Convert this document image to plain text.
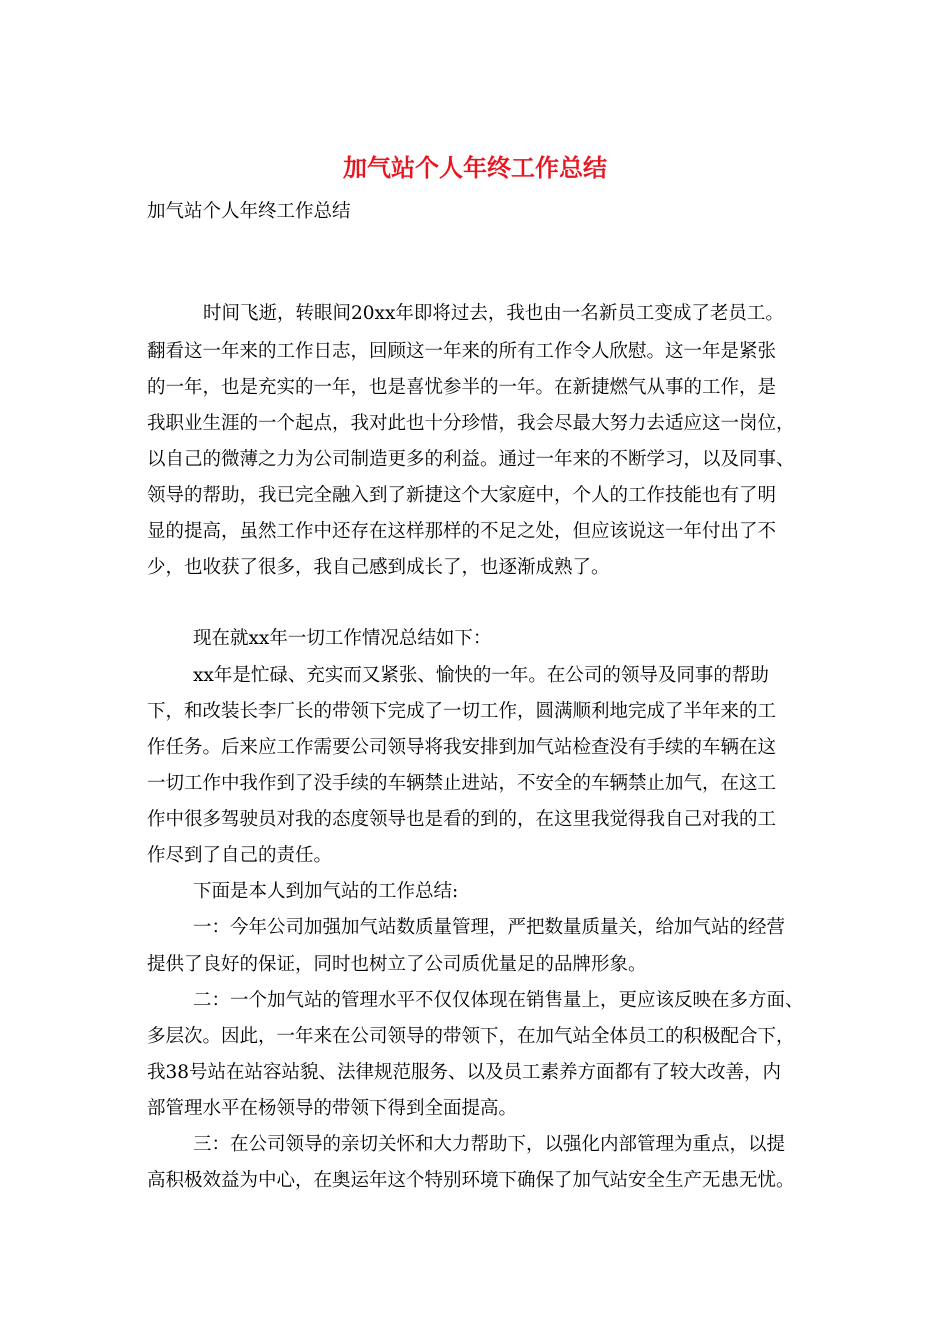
加气站个人年终工作总结
加气站个人年终工作总结
时间飞逝，转眼间20xx年即将过去，我也由一名新员工变成了老员工。
翻看这一年来的工作日志，回顾这一年来的所有工作令人欣慰。这一年是紧张
的一年，也是充实的一年，也是喜忧参半的一年。在新捷燃气从事的工作，是
我职业生涯的一个起点，我对此也十分珍惜，我会尽最大努力去适应这一岗位，
以自己的微薄之力为公司制造更多的利益。通过一年来的不断学习，以及同事、
领导的帮助，我已完全融入到了新捷这个大家庭中，个人的工作技能也有了明
显的提高，虽然工作中还存在这样那样的不足之处，但应该说这一年付出了不
少，也收获了很多，我自己感到成长了，也逐渐成熟了。
现在就xx年一切工作情况总结如下：
xx年是忙碌、充实而又紧张、愉快的一年。在公司的领导及同事的帮助
下，和改装长李厂长的带领下完成了一切工作，圆满顺利地完成了半年来的工
作任务。后来应工作需要公司领导将我安排到加气站检查没有手续的车辆在这
一切工作中我作到了没手续的车辆禁止进站，不安全的车辆禁止加气，在这工
作中很多驾驶员对我的态度领导也是看的到的，在这里我觉得我自己对我的工
作尽到了自己的责任。
下面是本人到加气站的工作总结:
一：今年公司加强加气站数质量管理，严把数量质量关，给加气站的经营
提供了良好的保证，同时也树立了公司质优量足的品牌形象。
二：一个加气站的管理水平不仅仅体现在销售量上，更应该反映在多方面、
多层次。因此，一年来在公司领导的带领下，在加气站全体员工的积极配合下，
我38号站在站容站貌、法律规范服务、以及员工素养方面都有了较大改善，内
部管理水平在杨领导的带领下得到全面提高。
三：在公司领导的亲切关怀和大力帮助下，以强化内部管理为重点，以提
高积极效益为中心，在奥运年这个特别环境下确保了加气站安全生产无患无忧。
